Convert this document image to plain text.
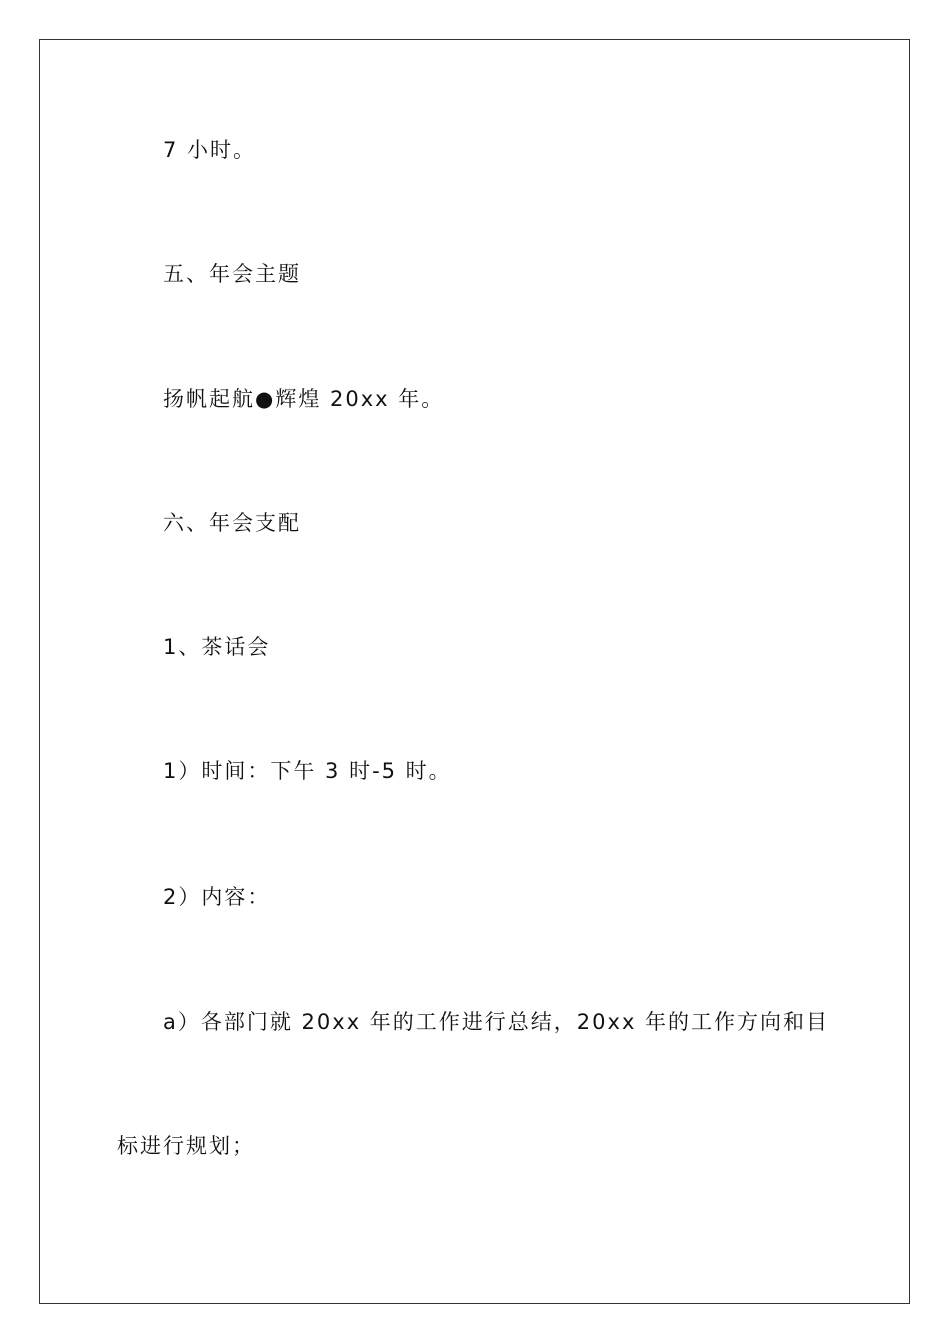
7 小时。
五、年会主题
扬帆起航●辉煌 20xx 年。
六、年会支配
1、茶话会
1）时间：下午 3 时-5 时。
2）内容：
a）各部门就 20xx 年的工作进行总结，20xx 年的工作方向和目
标进行规划；
